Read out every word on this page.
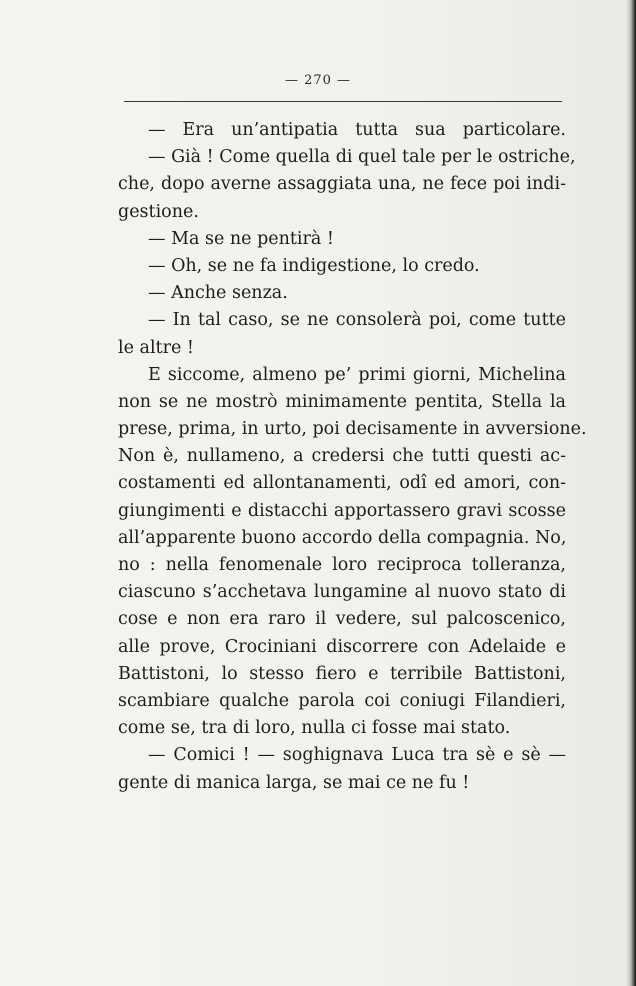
— 270 —
— Era un’antipatia tutta sua particolare.
— Già ! Come quella di quel tale per le ostriche,
che, dopo averne assaggiata una, ne fece poi indi-
gestione.
— Ma se ne pentirà !
— Oh, se ne fa indigestione, lo credo.
— Anche senza.
— In tal caso, se ne consolerà poi, come tutte
le altre !
E siccome, almeno pe’ primi giorni, Michelina
non se ne mostrò minimamente pentita, Stella la
prese, prima, in urto, poi decisamente in avversione.
Non è, nullameno, a credersi che tutti questi ac-
costamenti ed allontanamenti, odî ed amori, con-
giungimenti e distacchi apportassero gravi scosse
all’apparente buono accordo della compagnia. No,
no : nella fenomenale loro reciproca tolleranza,
ciascuno s’acchetava lungamine al nuovo stato di
cose e non era raro il vedere, sul palcoscenico,
alle prove, Crociniani discorrere con Adelaide e
Battistoni, lo stesso fiero e terribile Battistoni,
scambiare qualche parola coi coniugi Filandieri,
come se, tra di loro, nulla ci fosse mai stato.
— Comici ! — soghignava Luca tra sè e sè —
gente di manica larga, se mai ce ne fu !
